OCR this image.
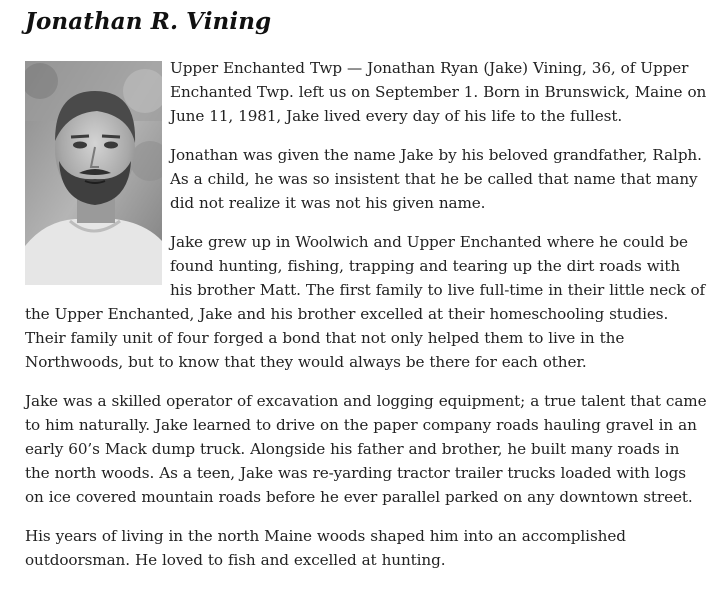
Jonathan R. Vining

Upper Enchanted Twp — Jonathan Ryan (Jake) Vining, 36, of Upper Enchanted Twp. left us on September 1. Born in Brunswick, Maine on June 11, 1981, Jake lived every day of his life to the fullest.

Jonathan was given the name Jake by his beloved grandfather, Ralph. As a child, he was so insistent that he be called that name that many did not realize it was not his given name.

Jake grew up in Woolwich and Upper Enchanted where he could be found hunting, fishing, trapping and tearing up the dirt roads with his brother Matt. The first family to live full-time in their little neck of the Upper Enchanted, Jake and his brother excelled at their homeschooling studies. Their family unit of four forged a bond that not only helped them to live in the Northwoods, but to know that they would always be there for each other.

Jake was a skilled operator of excavation and logging equipment; a true talent that came to him naturally. Jake learned to drive on the paper company roads hauling gravel in an early 60’s Mack dump truck. Alongside his father and brother, he built many roads in the north woods. As a teen, Jake was re-yarding tractor trailer trucks loaded with logs on ice covered mountain roads before he ever parallel parked on any downtown street.

His years of living in the north Maine woods shaped him into an accomplished outdoorsman. He loved to fish and excelled at hunting.
